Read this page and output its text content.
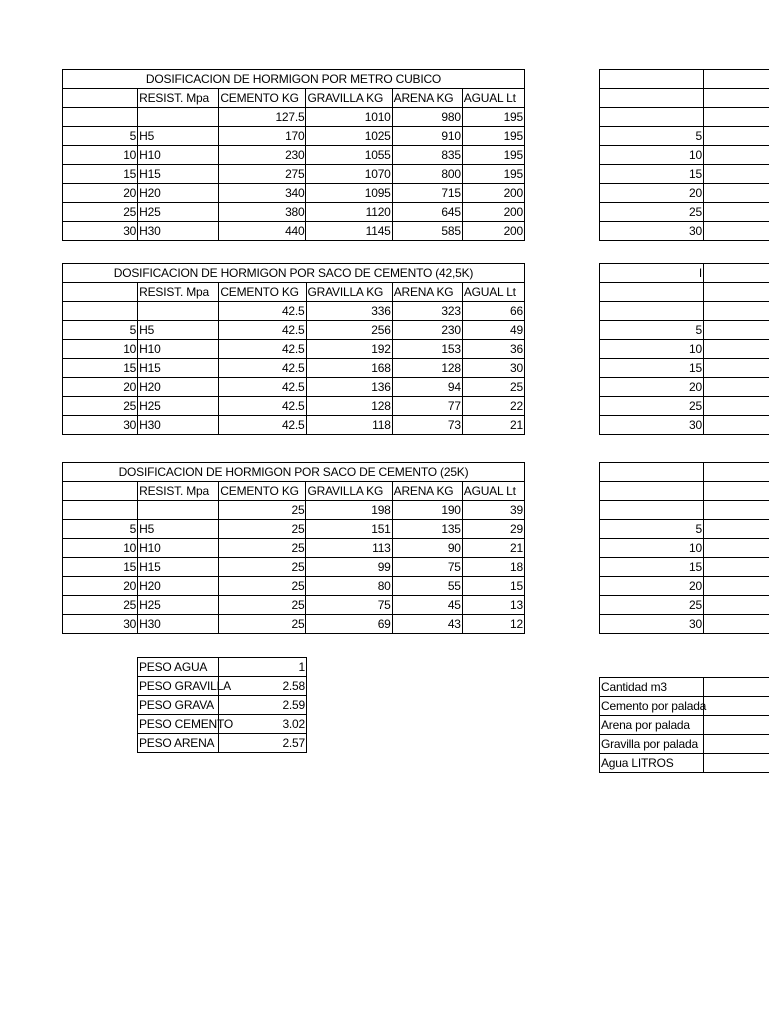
DOSIFICACION DE HORMIGON POR METRO CUBICO					
	RESIST. Mpa	CEMENTO KG	GRAVILLA KG	ARENA KG	AGUAL Lt
		127.5	1010	980	195
5	H5	170	1025	910	195
10	H10	230	1055	835	195
15	H15	275	1070	800	195
20	H20	340	1095	715	200
25	H25	380	1120	645	200
30	H30	440	1145	585	200
DOSIFICACION DE HORMIGON POR SACO DE CEMENTO (42,5K)					
	RESIST. Mpa	CEMENTO KG	GRAVILLA KG	ARENA KG	AGUAL Lt
		42.5	336	323	66
5	H5	42.5	256	230	49
10	H10	42.5	192	153	36
15	H15	42.5	168	128	30
20	H20	42.5	136	94	25
25	H25	42.5	128	77	22
30	H30	42.5	118	73	21
DOSIFICACION DE HORMIGON POR SACO DE CEMENTO (25K)					
	RESIST. Mpa	CEMENTO KG	GRAVILLA KG	ARENA KG	AGUAL Lt
		25	198	190	39
5	H5	25	151	135	29
10	H10	25	113	90	21
15	H15	25	99	75	18
20	H20	25	80	55	15
25	H25	25	75	45	13
30	H30	25	69	43	12

5	
10	
15	
20	
25	
30	
I	

5	
10	
15	
20	
25	
30	

5	
10	
15	
20	
25	
30	
PESO AGUA	1
PESO GRAVILLA	2.58
PESO GRAVA	2.59
PESO CEMENTO	3.02
PESO ARENA	2.57
Cantidad m3	
Cemento por palada	
Arena por palada	
Gravilla por palada	
Agua LITROS	
